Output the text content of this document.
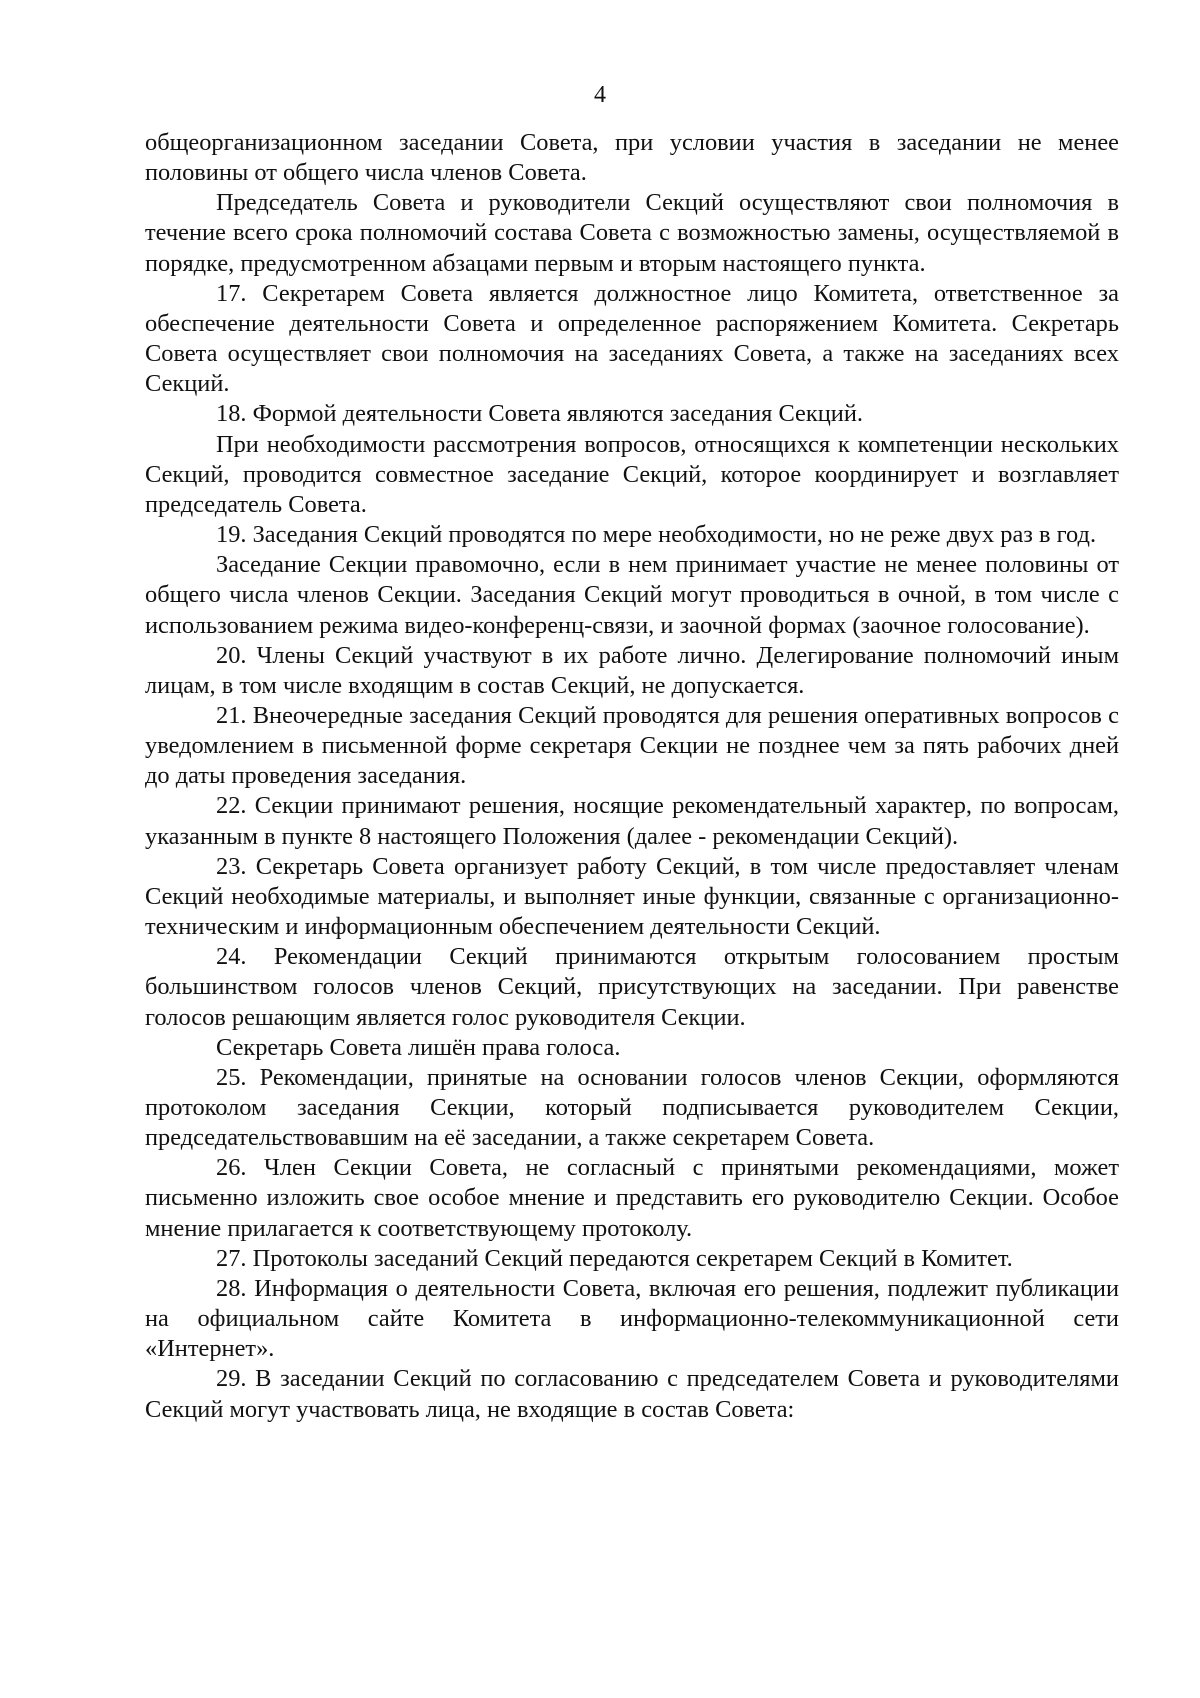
4

общеорганизационном заседании Совета, при условии участия в заседании не менее половины от общего числа членов Совета.

Председатель Совета и руководители Секций осуществляют свои полномочия в течение всего срока полномочий состава Совета с возможностью замены, осуществляемой в порядке, предусмотренном абзацами первым и вторым настоящего пункта.

17. Секретарем Совета является должностное лицо Комитета, ответственное за обеспечение деятельности Совета и определенное распоряжением Комитета. Секретарь Совета осуществляет свои полномочия на заседаниях Совета, а также на заседаниях всех Секций.

18. Формой деятельности Совета являются заседания Секций.

При необходимости рассмотрения вопросов, относящихся к компетенции нескольких Секций, проводится совместное заседание Секций, которое координирует и возглавляет председатель Совета.

19. Заседания Секций проводятся по мере необходимости, но не реже двух раз в год.

Заседание Секции правомочно, если в нем принимает участие не менее половины от общего числа членов Секции. Заседания Секций могут проводиться в очной, в том числе с использованием режима видео-конференц-связи, и заочной формах (заочное голосование).

20. Члены Секций участвуют в их работе лично. Делегирование полномочий иным лицам, в том числе входящим в состав Секций, не допускается.

21. Внеочередные заседания Секций проводятся для решения оперативных вопросов с уведомлением в письменной форме секретаря Секции не позднее чем за пять рабочих дней до даты проведения заседания.

22. Секции принимают решения, носящие рекомендательный характер, по вопросам, указанным в пункте 8 настоящего Положения (далее - рекомендации Секций).

23. Секретарь Совета организует работу Секций, в том числе предоставляет членам Секций необходимые материалы, и выполняет иные функции, связанные с организационно-техническим и информационным обеспечением деятельности Секций.

24. Рекомендации Секций принимаются открытым голосованием простым большинством голосов членов Секций, присутствующих на заседании. При равенстве голосов решающим является голос руководителя Секции.

Секретарь Совета лишён права голоса.

25. Рекомендации, принятые на основании голосов членов Секции, оформляются протоколом заседания Секции, который подписывается руководителем Секции, председательствовавшим на её заседании, а также секретарем Совета.

26. Член Секции Совета, не согласный с принятыми рекомендациями, может письменно изложить свое особое мнение и представить его руководителю Секции. Особое мнение прилагается к соответствующему протоколу.

27. Протоколы заседаний Секций передаются секретарем Секций в Комитет.

28. Информация о деятельности Совета, включая его решения, подлежит публикации на официальном сайте Комитета в информационно-телекоммуникационной сети «Интернет».

29. В заседании Секций по согласованию с председателем Совета и руководителями Секций могут участвовать лица, не входящие в состав Совета:
